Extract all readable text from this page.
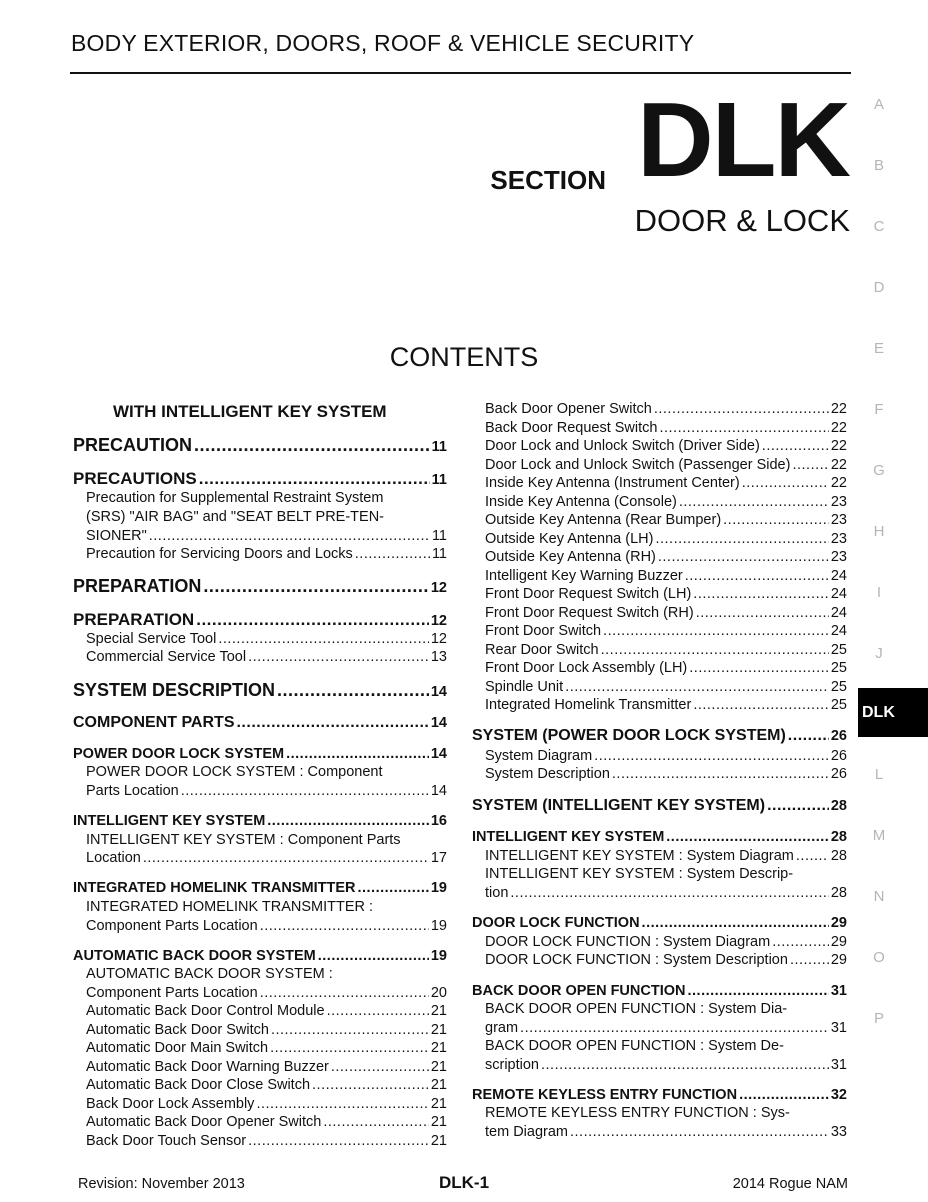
BODY EXTERIOR, DOORS, ROOF & VEHICLE SECURITY
SECTION DLK
DOOR & LOCK
CONTENTS
A
B
C
D
E
F
G
H
I
J
DLK
L
M
N
O
P
WITH INTELLIGENT KEY SYSTEM
PRECAUTION .....	11
PRECAUTIONS .....	11
Precaution for Supplemental Restraint System
(SRS) "AIR BAG" and "SEAT BELT PRE-TEN-
SIONER" .....	11
Precaution for Servicing Doors and Locks .....	11
PREPARATION .....	12
PREPARATION .....	12
Special Service Tool .....	12
Commercial Service Tool .....	13
SYSTEM DESCRIPTION .....	14
COMPONENT PARTS .....	14
POWER DOOR LOCK SYSTEM .....	14
POWER DOOR LOCK SYSTEM : Component
Parts Location .....	14
INTELLIGENT KEY SYSTEM .....	16
INTELLIGENT KEY SYSTEM : Component Parts
Location .....	17
INTEGRATED HOMELINK TRANSMITTER .....	19
INTEGRATED HOMELINK TRANSMITTER :
Component Parts Location .....	19
AUTOMATIC BACK DOOR SYSTEM .....	19
AUTOMATIC BACK DOOR SYSTEM :
Component Parts Location .....	20
Automatic Back Door Control Module .....	21
Automatic Back Door Switch .....	21
Automatic Door Main Switch .....	21
Automatic Back Door Warning Buzzer .....	21
Automatic Back Door Close Switch .....	21
Back Door Lock Assembly .....	21
Automatic Back Door Opener Switch .....	21
Back Door Touch Sensor .....	21
Back Door Opener Switch .....	22
Back Door Request Switch .....	22
Door Lock and Unlock Switch (Driver Side) .....	22
Door Lock and Unlock Switch (Passenger Side) .....	22
Inside Key Antenna (Instrument Center) .....	22
Inside Key Antenna (Console) .....	23
Outside Key Antenna (Rear Bumper) .....	23
Outside Key Antenna (LH) .....	23
Outside Key Antenna (RH) .....	23
Intelligent Key Warning Buzzer .....	24
Front Door Request Switch (LH) .....	24
Front Door Request Switch (RH) .....	24
Front Door Switch .....	24
Rear Door Switch .....	25
Front Door Lock Assembly (LH) .....	25
Spindle Unit .....	25
Integrated Homelink Transmitter .....	25
SYSTEM (POWER DOOR LOCK SYSTEM) .....	26
System Diagram .....	26
System Description .....	26
SYSTEM (INTELLIGENT KEY SYSTEM) .....	28
INTELLIGENT KEY SYSTEM .....	28
INTELLIGENT KEY SYSTEM : System Diagram .....	28
INTELLIGENT KEY SYSTEM : System Descrip-
tion .....	28
DOOR LOCK FUNCTION .....	29
DOOR LOCK FUNCTION : System Diagram .....	29
DOOR LOCK FUNCTION : System Description .....	29
BACK DOOR OPEN FUNCTION .....	31
BACK DOOR OPEN FUNCTION : System Dia-
gram .....	31
BACK DOOR OPEN FUNCTION : System De-
scription .....	31
REMOTE KEYLESS ENTRY FUNCTION .....	32
REMOTE KEYLESS ENTRY FUNCTION : Sys-
tem Diagram .....	33
Revision: November 2013	DLK-1	2014 Rogue NAM
